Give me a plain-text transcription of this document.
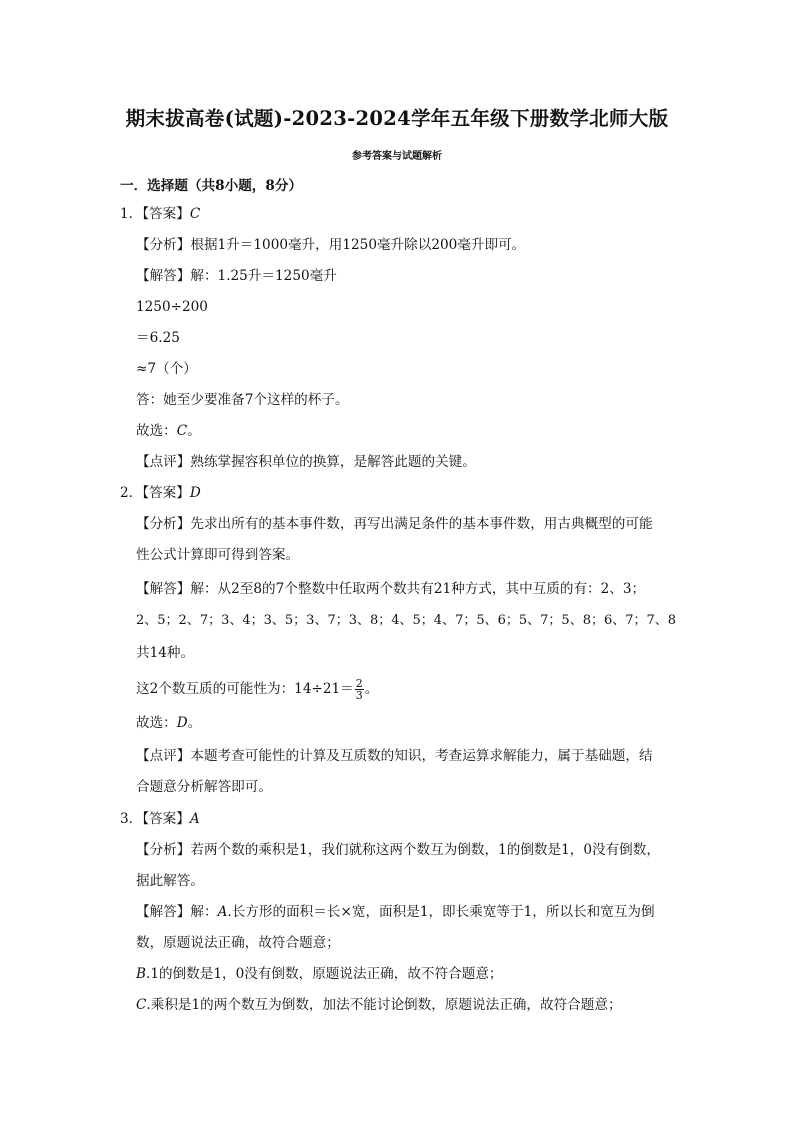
期末拔高卷(试题)-2023-2024学年五年级下册数学北师大版
参考答案与试题解析
一．选择题（共8小题，8分）
1．【答案】C
【分析】根据1升＝1000毫升，用1250毫升除以200毫升即可。
【解答】解：1.25升＝1250毫升
1250÷200
＝6.25
≈7（个）
答：她至少要准备7个这样的杯子。
故选：C。
【点评】熟练掌握容积单位的换算，是解答此题的关键。
2．【答案】D
【分析】先求出所有的基本事件数，再写出满足条件的基本事件数，用古典概型的可能
性公式计算即可得到答案。
【解答】解：从2至8的7个整数中任取两个数共有21种方式，其中互质的有：2、3；
2、5；2、7；3、4；3、5；3、7；3、8；4、5；4、7；5、6；5、7；5、8；6、7；7、8
共14种。
这2个数互质的可能性为：$14\div 21= \frac{2}{3}$ 。
故选：D。
【点评】本题考查可能性的计算及互质数的知识，考查运算求解能力，属于基础题，结
合题意分析解答即可。
3．【答案】A
【分析】若两个数的乘积是1，我们就称这两个数互为倒数，1的倒数是1，0没有倒数，
据此解答。
【解答】解：A.长方形的面积＝长×宽，面积是1，即长乘宽等于1，所以长和宽互为倒
数，原题说法正确，故符合题意；
B.1的倒数是1，0没有倒数，原题说法正确，故不符合题意；
C.乘积是1的两个数互为倒数，加法不能讨论倒数，原题说法正确，故符合题意；
